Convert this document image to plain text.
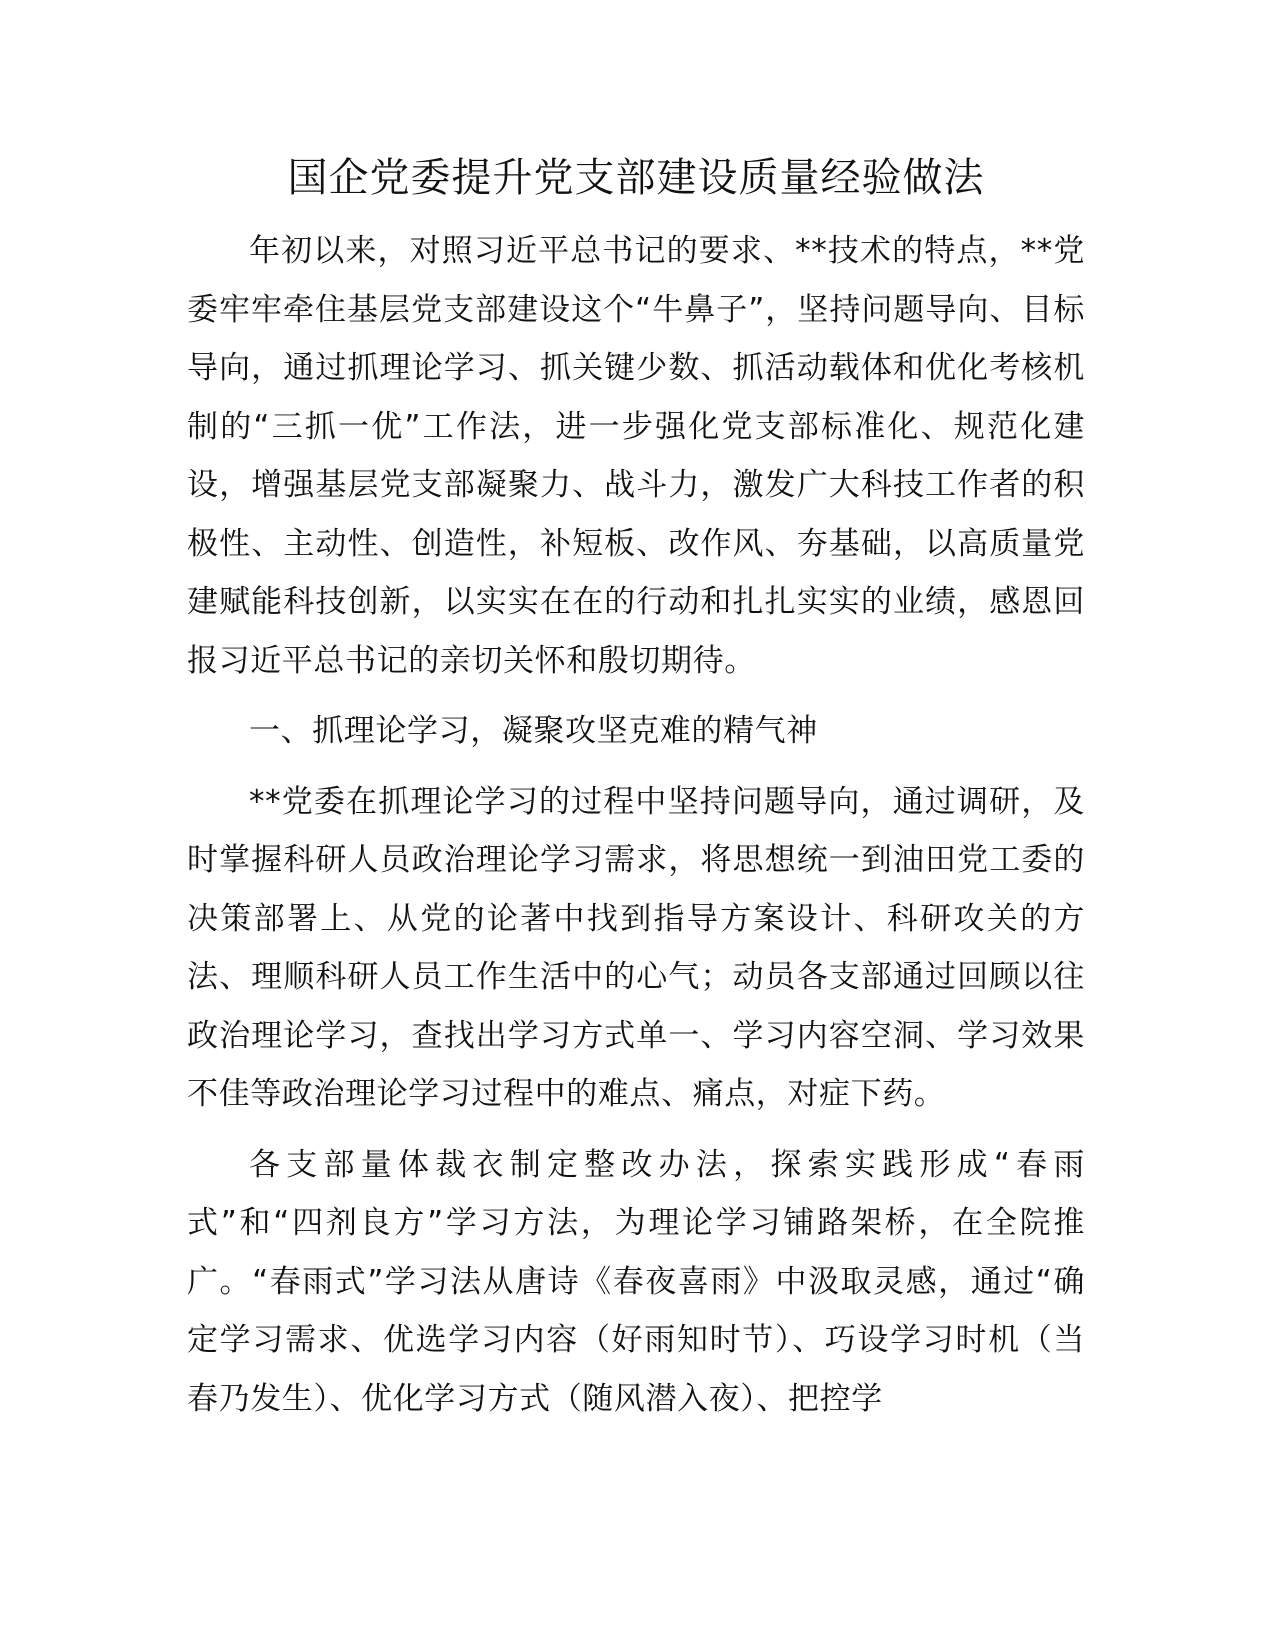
国企党委提升党支部建设质量经验做法

年初以来，对照习近平总书记的要求、**技术的特点，**党委牢牢牵住基层党支部建设这个“牛鼻子”，坚持问题导向、目标导向，通过抓理论学习、抓关键少数、抓活动载体和优化考核机制的“三抓一优”工作法，进一步强化党支部标准化、规范化建设，增强基层党支部凝聚力、战斗力，激发广大科技工作者的积极性、主动性、创造性，补短板、改作风、夯基础，以高质量党建赋能科技创新，以实实在在的行动和扎扎实实的业绩，感恩回报习近平总书记的亲切关怀和殷切期待。

一、抓理论学习，凝聚攻坚克难的精气神

**党委在抓理论学习的过程中坚持问题导向，通过调研，及时掌握科研人员政治理论学习需求，将思想统一到油田党工委的决策部署上、从党的论著中找到指导方案设计、科研攻关的方法、理顺科研人员工作生活中的心气；动员各支部通过回顾以往政治理论学习，查找出学习方式单一、学习内容空洞、学习效果不佳等政治理论学习过程中的难点、痛点，对症下药。

各支部量体裁衣制定整改办法，探索实践形成“春雨式”和“四剂良方”学习方法，为理论学习铺路架桥，在全院推广。“春雨式”学习法从唐诗《春夜喜雨》中汲取灵感，通过“确定学习需求、优选学习内容（好雨知时节）、巧设学习时机（当春乃发生）、优化学习方式（随风潜入夜）、把控学
